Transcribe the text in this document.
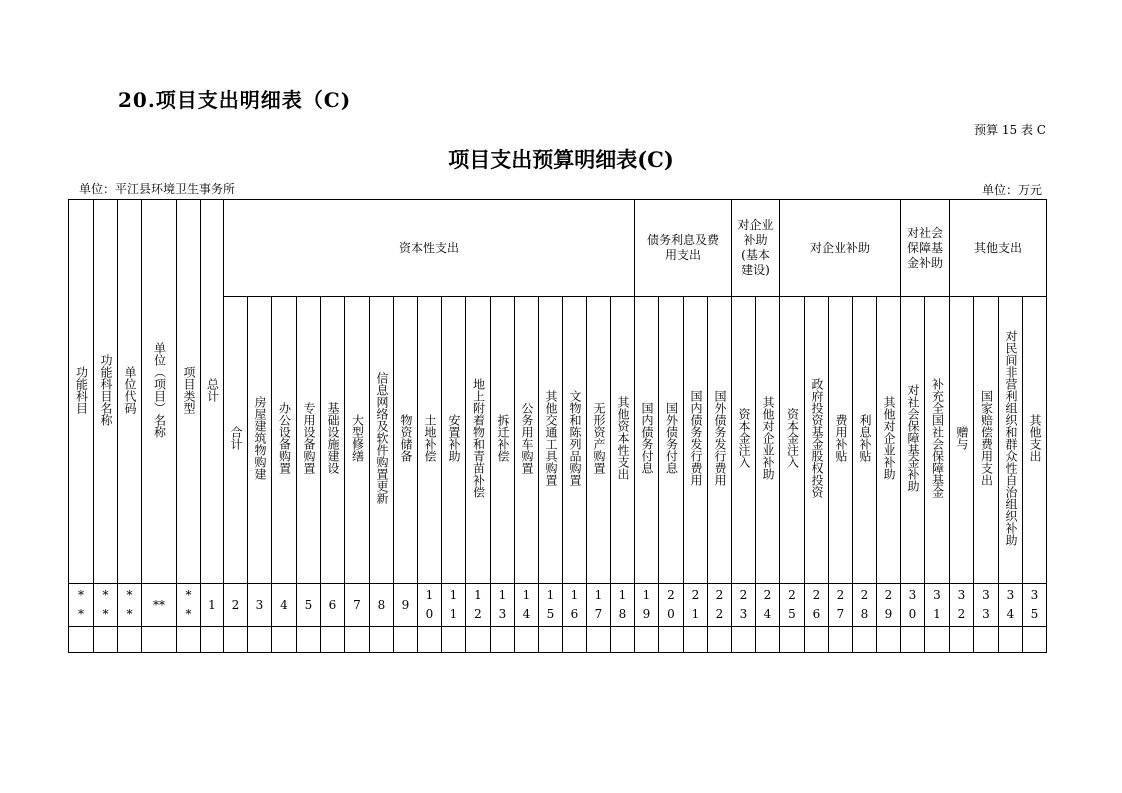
20.项目支出明细表（C)
预算 15 表 C
项目支出预算明细表(C)
单位：平江县环境卫生事务所	单位：万元
功能科目	功能科目名称	单位代码	单位（项目）名称	项目类型	总计	资本性支出																	债务利息及费用支出				对企业补助(基本建设)		对企业补助					对社会保障基金补助		其他支出			
						合计	房屋建筑物购建	办公设备购置	专用设备购置	基础设施建设	大型修缮	信息网络及软件购置更新	物资储备	土地补偿	安置补助	地上附着物和青苗补偿	拆迁补偿	公务用车购置	其他交通工具购置	文物和陈列品购置	无形资产购置	其他资本性支出	国内债务付息	国外债务付息	国内债务发行费用	国外债务发行费用	资本金注入	其他对企业补助	资本金注入	政府投资基金股权投资	费用补贴	利息补贴	其他对企业补助	对社会保障基金补助	补充全国社会保障基金	赠与	国家赔偿费用支出	对民间非营利组织和群众性自治组织补助	其他支出
**	**	**	**	**	1	2	3	4	5	6	7	8	9	10	11	12	13	14	15	16	17	18	19	20	21	22	23	24	25	26	27	28	29	30	31	32	33	34	35
